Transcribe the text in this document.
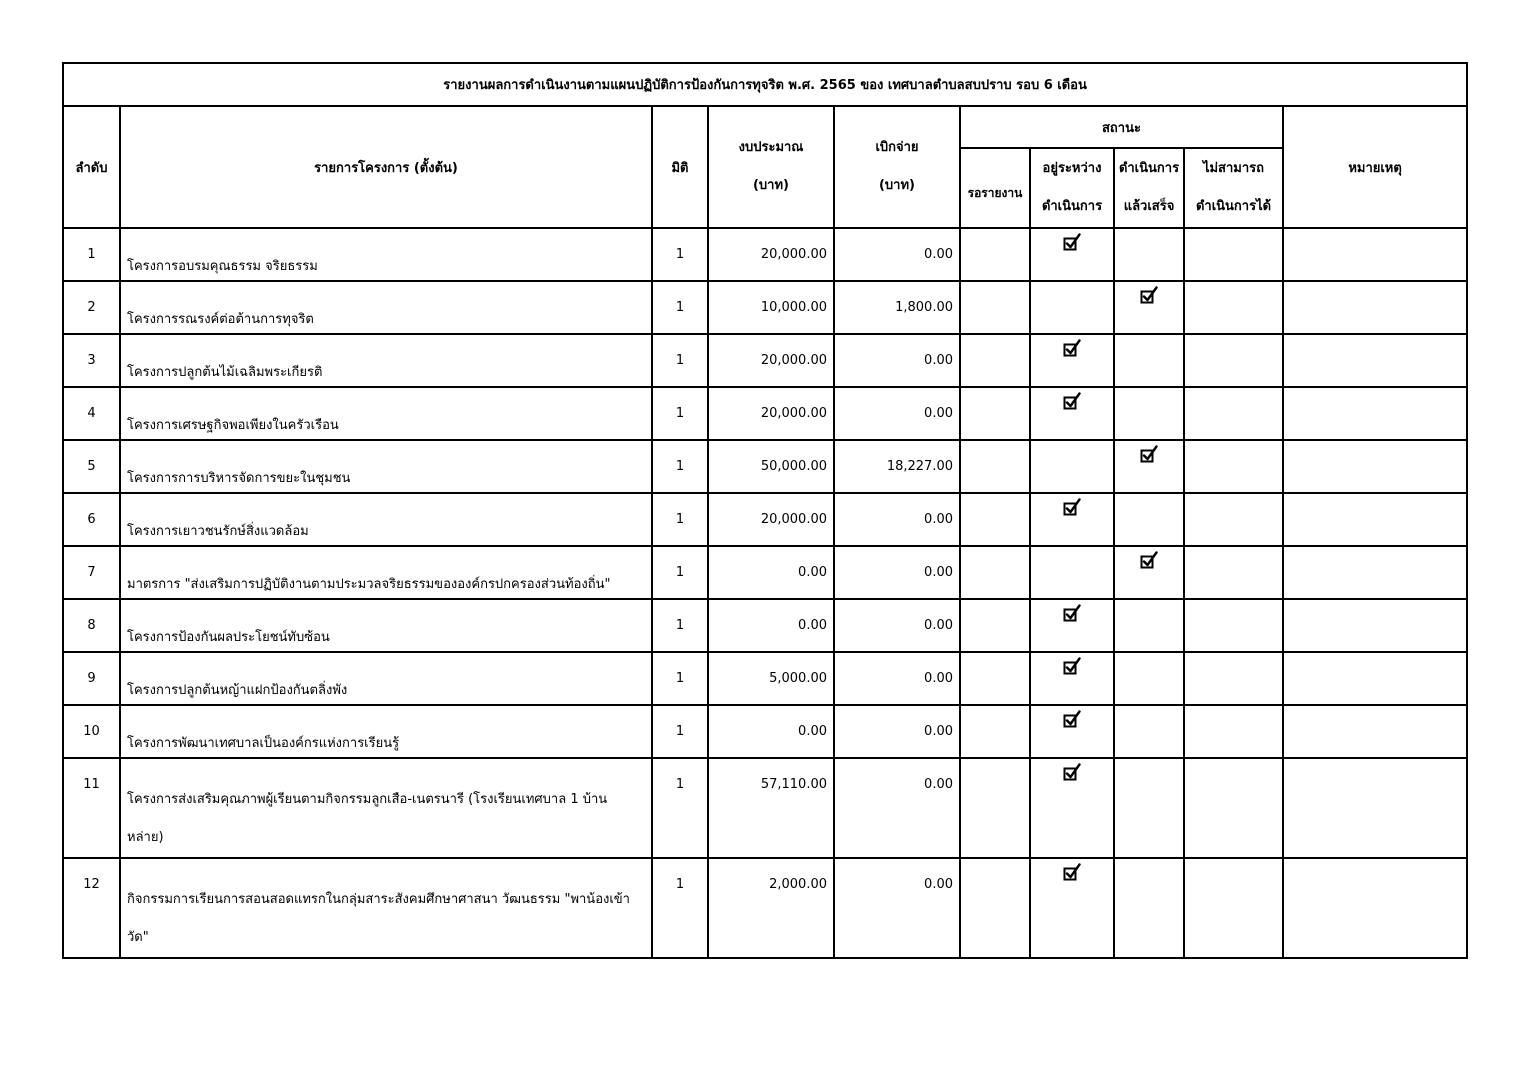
รายงานผลการดำเนินงานตามแผนปฏิบัติการป้องกันการทุจริต พ.ศ. 2565 ของ เทศบาลตำบลสบปราบ รอบ 6 เดือน
ลำดับ	รายการโครงการ (ตั้งต้น)	มิติ	
งบประมาณ
(บาท)

เบิกจ่าย
(บาท)
	สถานะ	หมายเหตุ
รอรายงาน	
อยู่ระหว่าง
ดำเนินการ

ดำเนินการ
แล้วเสร็จ

ไม่สามารถ
ดำเนินการได้

1	โครงการอบรมคุณธรรม จริยธรรม	1	20,000.00	0.00					
2	โครงการรณรงค์ต่อต้านการทุจริต	1	10,000.00	1,800.00					
3	โครงการปลูกต้นไม้เฉลิมพระเกียรติ	1	20,000.00	0.00					
4	โครงการเศรษฐกิจพอเพียงในครัวเรือน	1	20,000.00	0.00					
5	โครงการการบริหารจัดการขยะในชุมชน	1	50,000.00	18,227.00					
6	โครงการเยาวชนรักษ์สิ่งแวดล้อม	1	20,000.00	0.00					
7	มาตรการ "ส่งเสริมการปฏิบัติงานตามประมวลจริยธรรมขององค์กรปกครองส่วนท้องถิ่น"	1	0.00	0.00					
8	โครงการป้องกันผลประโยชน์ทับซ้อน	1	0.00	0.00					
9	โครงการปลูกต้นหญ้าแฝกป้องกันตลิ่งพัง	1	5,000.00	0.00					
10	โครงการพัฒนาเทศบาลเป็นองค์กรแห่งการเรียนรู้	1	0.00	0.00					
11	โครงการส่งเสริมคุณภาพผู้เรียนตามกิจกรรมลูกเสือ-เนตรนารี (โรงเรียนเทศบาล 1 บ้านหล่าย)	1	57,110.00	0.00					
12	กิจกรรมการเรียนการสอนสอดแทรกในกลุ่มสาระสังคมศึกษาศาสนา วัฒนธรรม "พาน้องเข้าวัด"	1	2,000.00	0.00					
